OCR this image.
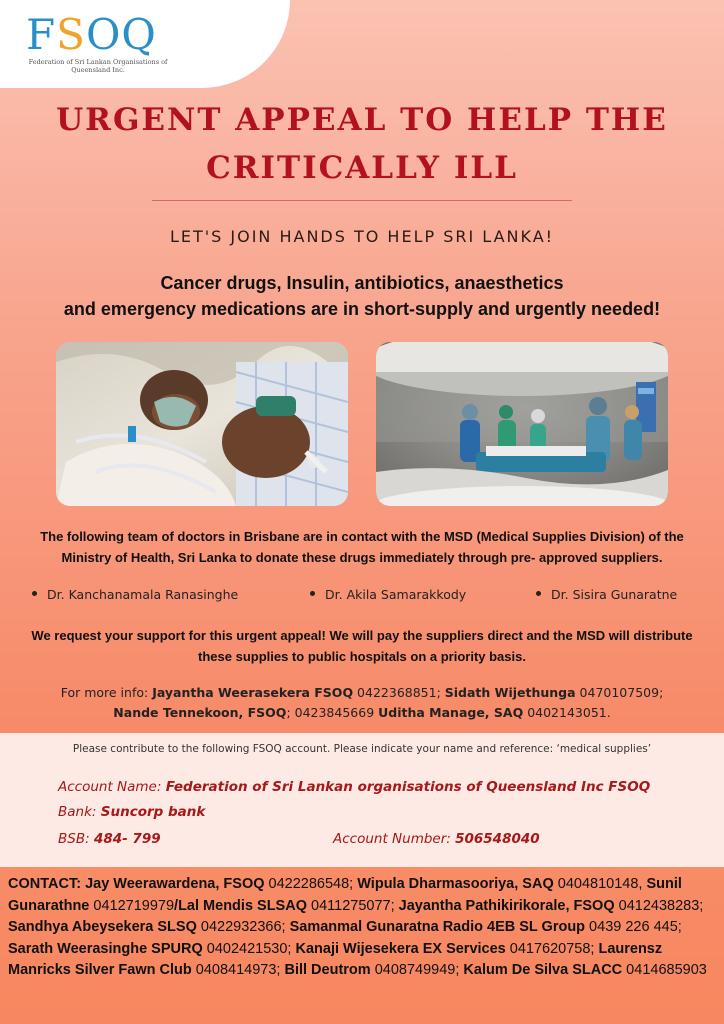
FSOQ
Federation of Sri Lankan Organisations of Queensland Inc.
URGENT APPEAL TO HELP THE CRITICALLY ILL
LET'S JOIN HANDS TO HELP SRI LANKA!
Cancer drugs, Insulin, antibiotics, anaesthetics
and emergency medications are in short-supply and urgently needed!
The following team of doctors in Brisbane are in contact with the MSD (Medical Supplies Division) of the Ministry of Health, Sri Lanka to donate these drugs immediately through pre- approved suppliers.
Dr. Kanchanamala Ranasinghe	Dr. Akila Samarakkody	Dr. Sisira Gunaratne
We request your support for this urgent appeal! We will pay the suppliers direct and the MSD will distribute these supplies to public hospitals on a priority basis.
For more info: Jayantha Weerasekera FSOQ 0422368851; Sidath Wijethunga 0470107509;
Nande Tennekoon, FSOQ; 0423845669 Uditha Manage, SAQ 0402143051.
Please contribute to the following FSOQ account. Please indicate your name and reference: ‘medical supplies’
Account Name: Federation of Sri Lankan organisations of Queensland Inc FSOQ
Bank: Suncorp bank
BSB: 484- 799	Account Number: 506548040
CONTACT: Jay Weerawardena, FSOQ 0422286548; Wipula Dharmasooriya, SAQ 0404810148, Sunil Gunarathne 0412719979/Lal Mendis SLSAQ 0411275077; Jayantha Pathikirikorale, FSOQ 0412438283; Sandhya Abeysekera SLSQ 0422932366; Samanmal Gunaratna Radio 4EB SL Group 0439 226 445; Sarath Weerasinghe SPURQ 0402421530; Kanaji Wijesekera EX Services 0417620758; Laurensz Manricks Silver Fawn Club 0408414973; Bill Deutrom 0408749949; Kalum De Silva SLACC 0414685903
